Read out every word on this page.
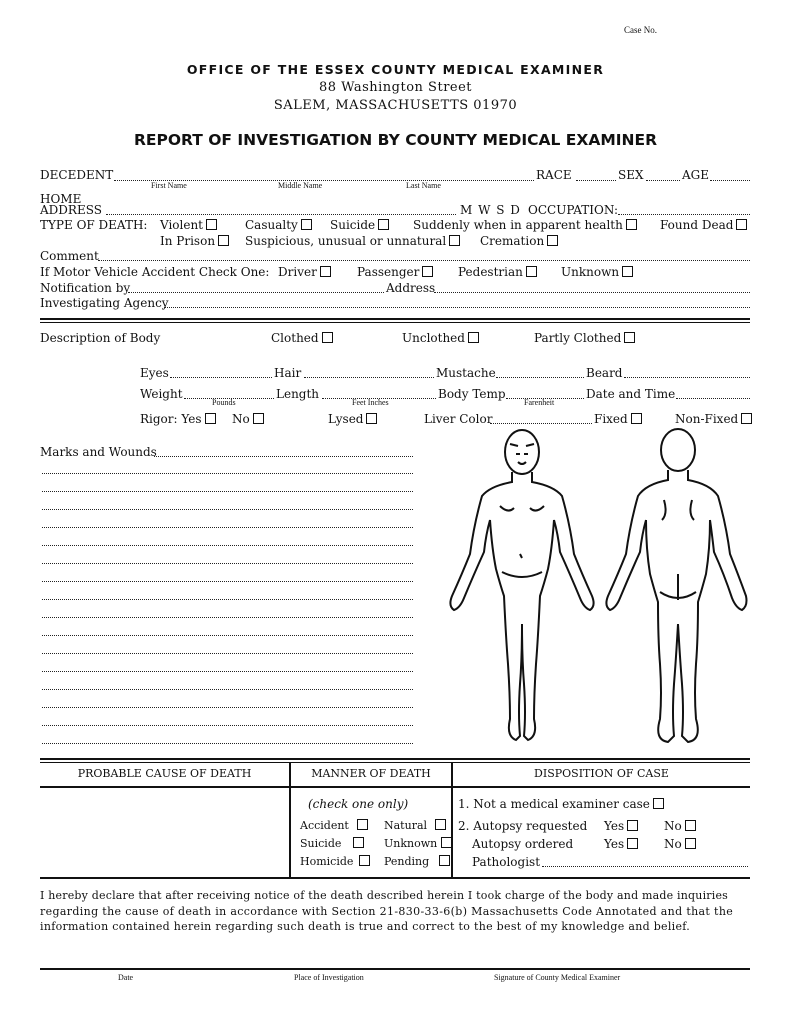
Case No.
OFFICE OF THE ESSEX COUNTY MEDICAL EXAMINER
88 Washington Street
SALEM, MASSACHUSETTS 01970
REPORT OF INVESTIGATION BY COUNTY MEDICAL EXAMINER
DECEDENT	RACE	SEX	AGE
First Name	Middle Name	Last Name
HOME
ADDRESS	M W S D OCCUPATION:
TYPE OF DEATH: Violent	Casualty	Suicide	Suddenly when in apparent health	Found Dead
In Prison	Suspicious, unusual or unnatural	Cremation
Comment
If Motor Vehicle Accident Check One: Driver	Passenger	Pedestrian	Unknown
Notification by	Address
Investigating Agency
Description of Body	Clothed	Unclothed	Partly Clothed
Eyes	Hair	Mustache	Beard
Weight	Length	Body Temp	Date and Time
Pounds	Feet Inches	Farenheit
Rigor: Yes	No	Lysed	Liver Color	Fixed	Non-Fixed
Marks and Wounds
PROBABLE CAUSE OF DEATH	MANNER OF DEATH	DISPOSITION OF CASE
(check one only)
Accident	Natural
Suicide	Unknown
Homicide	Pending
1. Not a medical examiner case
2. Autopsy requested Yes	No
Autopsy ordered	Yes	No
Pathologist
I hereby declare that after receiving notice of the death described herein I took charge of the body and made inquiries
regarding the cause of death in accordance with Section 21-830-33-6(b) Massachusetts Code Annotated and that the
information contained herein regarding such death is true and correct to the best of my knowledge and belief.
Date	Place of Investigation	Signature of County Medical Examiner
